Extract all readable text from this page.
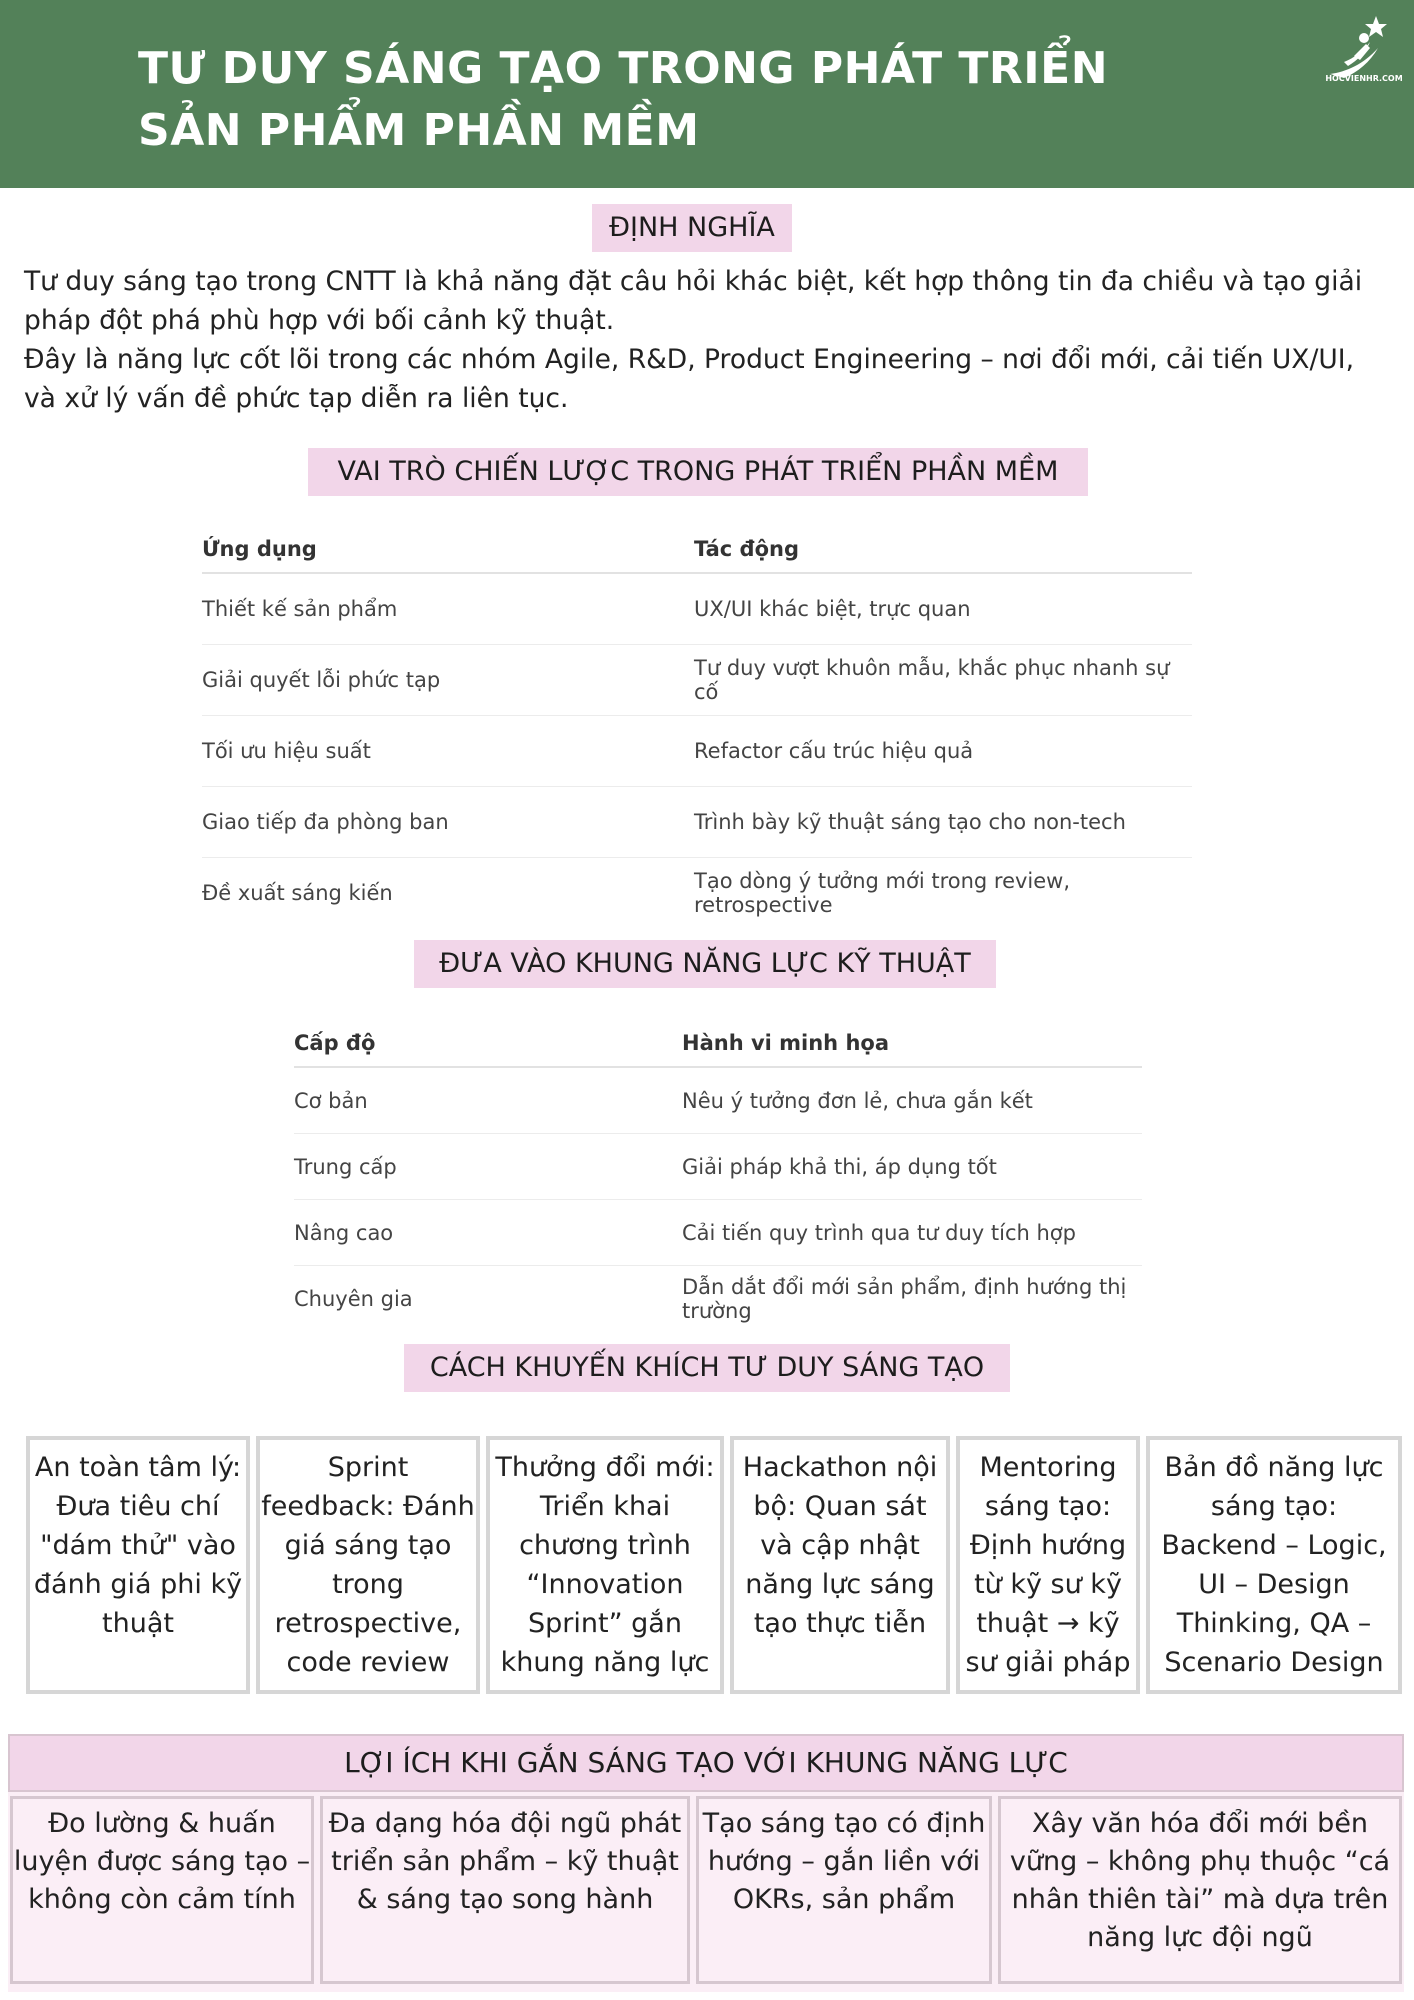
TƯ DUY SÁNG TẠO TRONG PHÁT TRIỂN SẢN PHẨM PHẦN MỀM
HOCVIENHR.COM
ĐỊNH NGHĨA

Tư duy sáng tạo trong CNTT là khả năng đặt câu hỏi khác biệt, kết hợp thông tin đa chiều và tạo giải pháp đột phá phù hợp với bối cảnh kỹ thuật.

Đây là năng lực cốt lõi trong các nhóm Agile, R&D, Product Engineering – nơi đổi mới, cải tiến UX/UI, và xử lý vấn đề phức tạp diễn ra liên tục.

VAI TRÒ CHIẾN LƯỢC TRONG PHÁT TRIỂN PHẦN MỀM
Ứng dụng	Tác động
Thiết kế sản phẩm	UX/UI khác biệt, trực quan
Giải quyết lỗi phức tạp	Tư duy vượt khuôn mẫu, khắc phục nhanh sự cố
Tối ưu hiệu suất	Refactor cấu trúc hiệu quả
Giao tiếp đa phòng ban	Trình bày kỹ thuật sáng tạo cho non-tech
Đề xuất sáng kiến	Tạo dòng ý tưởng mới trong review, retrospective
ĐƯA VÀO KHUNG NĂNG LỰC KỸ THUẬT
Cấp độ	Hành vi minh họa
Cơ bản	Nêu ý tưởng đơn lẻ, chưa gắn kết
Trung cấp	Giải pháp khả thi, áp dụng tốt
Nâng cao	Cải tiến quy trình qua tư duy tích hợp
Chuyên gia	Dẫn dắt đổi mới sản phẩm, định hướng thị trường
CÁCH KHUYẾN KHÍCH TƯ DUY SÁNG TẠO
An toàn tâm lý: Đưa tiêu chí "dám thử" vào đánh giá phi kỹ thuật
Sprint feedback: Đánh giá sáng tạo trong retrospective, code review
Thưởng đổi mới: Triển khai chương trình “Innovation Sprint” gắn khung năng lực
Hackathon nội bộ: Quan sát và cập nhật năng lực sáng tạo thực tiễn
Mentoring sáng tạo: Định hướng từ kỹ sư kỹ thuật → kỹ sư giải pháp
Bản đồ năng lực sáng tạo: Backend – Logic, UI – Design Thinking, QA – Scenario Design
LỢI ÍCH KHI GẮN SÁNG TẠO VỚI KHUNG NĂNG LỰC
Đo lường & huấn luyện được sáng tạo – không còn cảm tính
Đa dạng hóa đội ngũ phát triển sản phẩm – kỹ thuật & sáng tạo song hành
Tạo sáng tạo có định hướng – gắn liền với OKRs, sản phẩm
Xây văn hóa đổi mới bền vững – không phụ thuộc “cá nhân thiên tài” mà dựa trên năng lực đội ngũ
